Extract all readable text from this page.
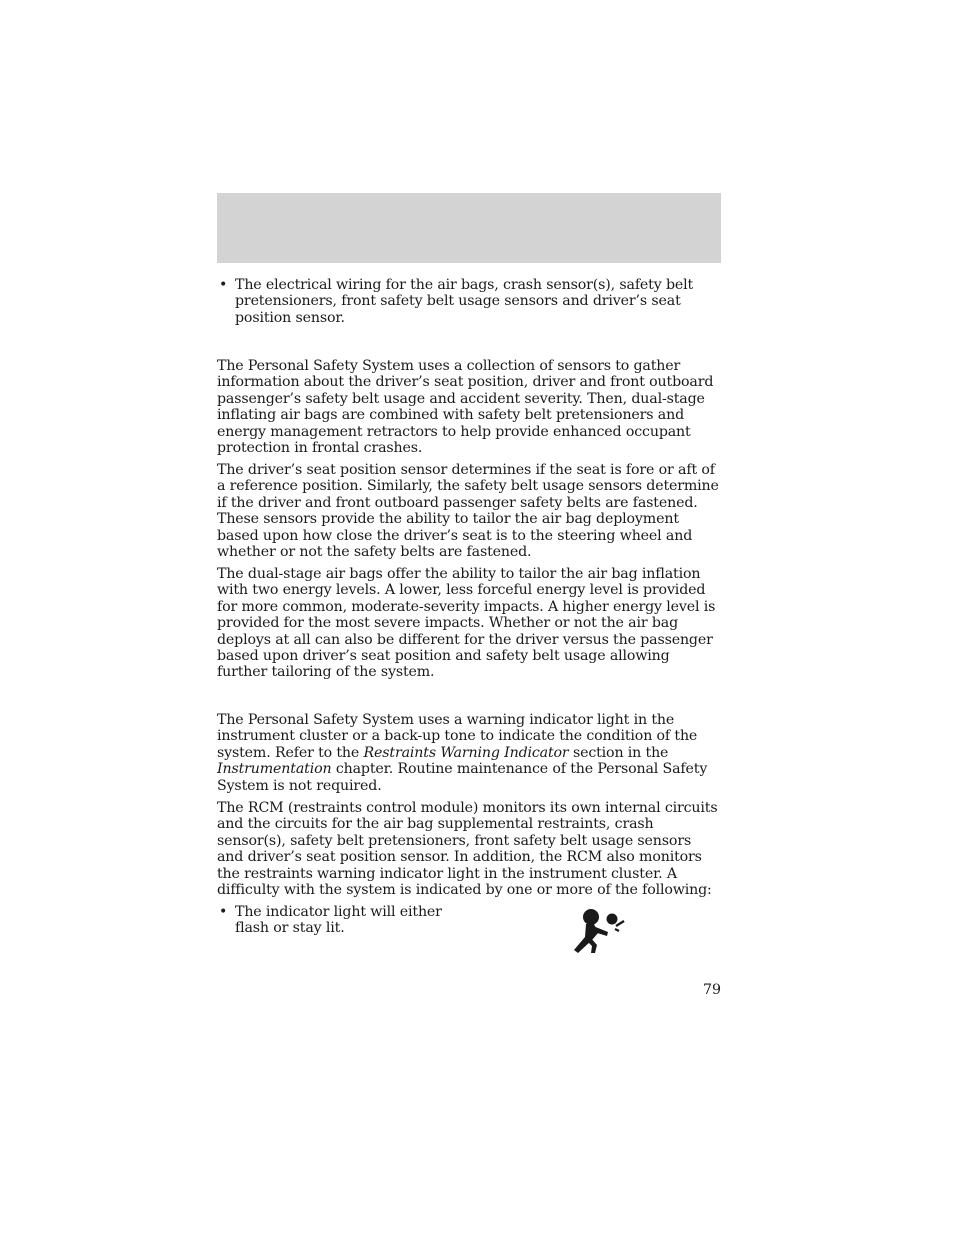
• The electrical wiring for the air bags, crash sensor(s), safety belt pretensioners, front safety belt usage sensors and driver’s seat position sensor.

The Personal Safety System uses a collection of sensors to gather information about the driver’s seat position, driver and front outboard passenger’s safety belt usage and accident severity. Then, dual-stage inflating air bags are combined with safety belt pretensioners and energy management retractors to help provide enhanced occupant protection in frontal crashes.

The driver’s seat position sensor determines if the seat is fore or aft of a reference position. Similarly, the safety belt usage sensors determine if the driver and front outboard passenger safety belts are fastened. These sensors provide the ability to tailor the air bag deployment based upon how close the driver’s seat is to the steering wheel and whether or not the safety belts are fastened.

The dual-stage air bags offer the ability to tailor the air bag inflation with two energy levels. A lower, less forceful energy level is provided for more common, moderate-severity impacts. A higher energy level is provided for the most severe impacts. Whether or not the air bag deploys at all can also be different for the driver versus the passenger based upon driver’s seat position and safety belt usage allowing further tailoring of the system.

The Personal Safety System uses a warning indicator light in the instrument cluster or a back-up tone to indicate the condition of the system. Refer to the Restraints Warning Indicator section in the Instrumentation chapter. Routine maintenance of the Personal Safety System is not required.

The RCM (restraints control module) monitors its own internal circuits and the circuits for the air bag supplemental restraints, crash sensor(s), safety belt pretensioners, front safety belt usage sensors and driver’s seat position sensor. In addition, the RCM also monitors the restraints warning indicator light in the instrument cluster. A difficulty with the system is indicated by one or more of the following:

• The indicator light will either
flash or stay lit.

79
